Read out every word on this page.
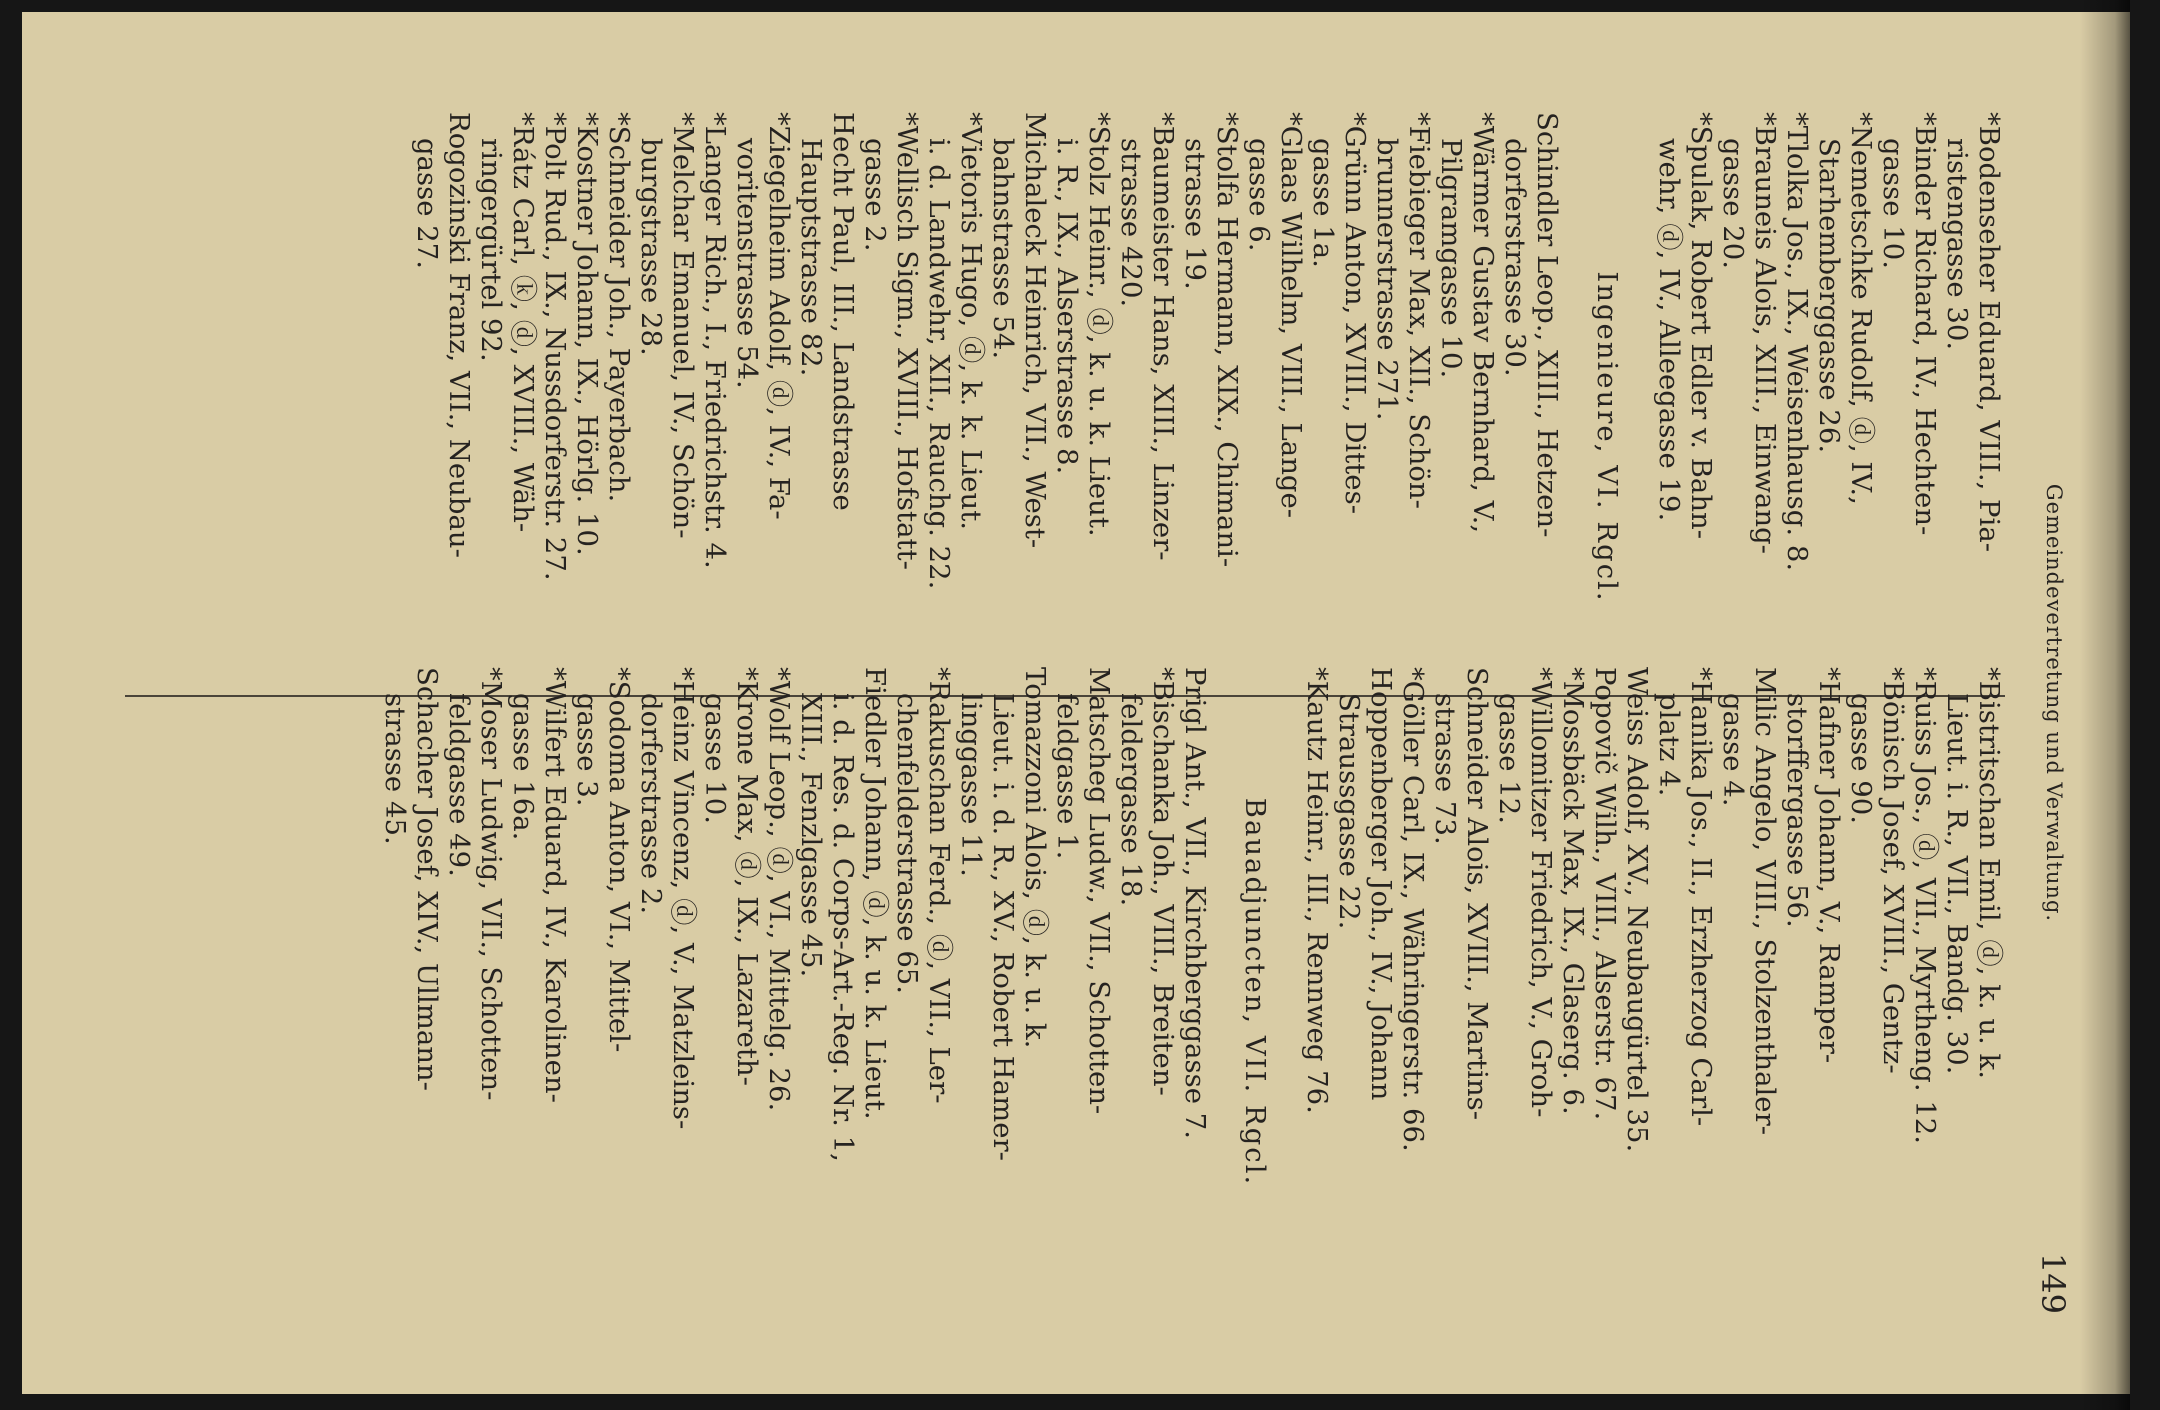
Gemeindevertretung und Verwaltung.
149
*Bodenseher Eduard, VIII., Pia-
ristengasse 30.
*Binder Richard, IV., Hechten-
gasse 10.
*Nemetschke Rudolf, ⓓ, IV.,
Starhemberggasse 26.
*Tlolka Jos., IX., Weisenhausg. 8.
*Brauneis Alois, XIII., Einwang-
gasse 20.
*Spulak, Robert Edler v. Bahn-
wehr, ⓓ, IV., Alleegasse 19.
Ingenieure, VI. Rgcl.
Schindler Leop., XIII., Hetzen-
dorferstrasse 30.
*Wärmer Gustav Bernhard, V.,
Pilgramgasse 10.
*Fiebieger Max, XII., Schön-
brunnerstrasse 271.
*Grünn Anton, XVIII., Dittes-
gasse 1a.
*Glaas Wilhelm, VIII., Lange-
gasse 6.
*Stolfa Hermann, XIX., Chimani-
strasse 19.
*Baumeister Hans, XIII., Linzer-
strasse 420.
*Stolz Heinr., ⓓ, k. u. k. Lieut.
i. R., IX., Alserstrasse 8.
Michaleck Heinrich, VII., West-
bahnstrasse 54.
*Vietoris Hugo, ⓓ, k. k. Lieut.
i. d. Landwehr, XII., Rauchg. 22.
*Wellisch Sigm., XVIII., Hofstatt-
gasse 2.
Hecht Paul, III., Landstrasse
Hauptstrasse 82.
*Ziegelheim Adolf, ⓓ, IV., Fa-
voritenstrasse 54.
*Langer Rich., I., Friedrichstr. 4.
*Melchar Emanuel, IV., Schön-
burgstrasse 28.
*Schneider Joh., Payerbach.
*Kostner Johann, IX., Hörlg. 10.
*Polt Rud., IX., Nussdorferstr. 27.
*Rátz Carl, ⓚ, ⓓ, XVIII., Wäh-
ringergürtel 92.
Rogozinski Franz, VII., Neubau-
gasse 27.
*Bistritschan Emil, ⓓ, k. u. k.
Lieut. i. R., VII., Bandg. 30.
*Ruiss Jos., ⓓ, VII., Myrtheng. 12.
*Bönisch Josef, XVIII., Gentz-
gasse 90.
*Hafner Johann, V., Ramper-
storffergasse 56.
Milic Angelo, VIII., Stolzenthaler-
gasse 4.
*Hanika Jos., II., Erzherzog Carl-
platz 4.
Weiss Adolf, XV., Neubaugürtel 35.
Popovič Wilh., VIII., Alserstr. 67.
*Mossbäck Max, IX., Glaserg. 6.
*Willomitzer Friedrich, V., Groh-
gasse 12.
Schneider Alois, XVIII., Martins-
strasse 73.
*Göller Carl, IX., Währingerstr. 66.
Hoppenberger Joh., IV., Johann
Straussgasse 22.
*Kautz Heinr., III., Rennweg 76.
Bauadjuncten, VII. Rgcl.
Prigl Ant., VII., Kirchberggasse 7.
*Bischanka Joh., VIII., Breiten-
feldergasse 18.
Matscheg Ludw., VII., Schotten-
feldgasse 1.
Tomazzoni Alois, ⓓ, k. u. k.
Lieut. i. d. R., XV., Robert Hamer-
linggasse 11.
*Rakuschan Ferd., ⓓ, VII., Ler-
chenfelderstrasse 65.
Fiedler Johann, ⓓ, k. u. k. Lieut.
i. d. Res. d. Corps-Art.-Reg. Nr. 1,
XIII., Fenzlgasse 45.
*Wolf Leop., ⓓ, VI., Mittelg. 26.
*Krone Max, ⓓ, IX., Lazareth-
gasse 10.
*Heinz Vincenz, ⓓ, V., Matzleins-
dorferstrasse 2.
*Sodoma Anton, VI., Mittel-
gasse 3.
*Wilfert Eduard, IV., Karolinen-
gasse 16a.
*Moser Ludwig, VII., Schotten-
feldgasse 49.
Schacher Josef, XIV., Ullmann-
strasse 45.
